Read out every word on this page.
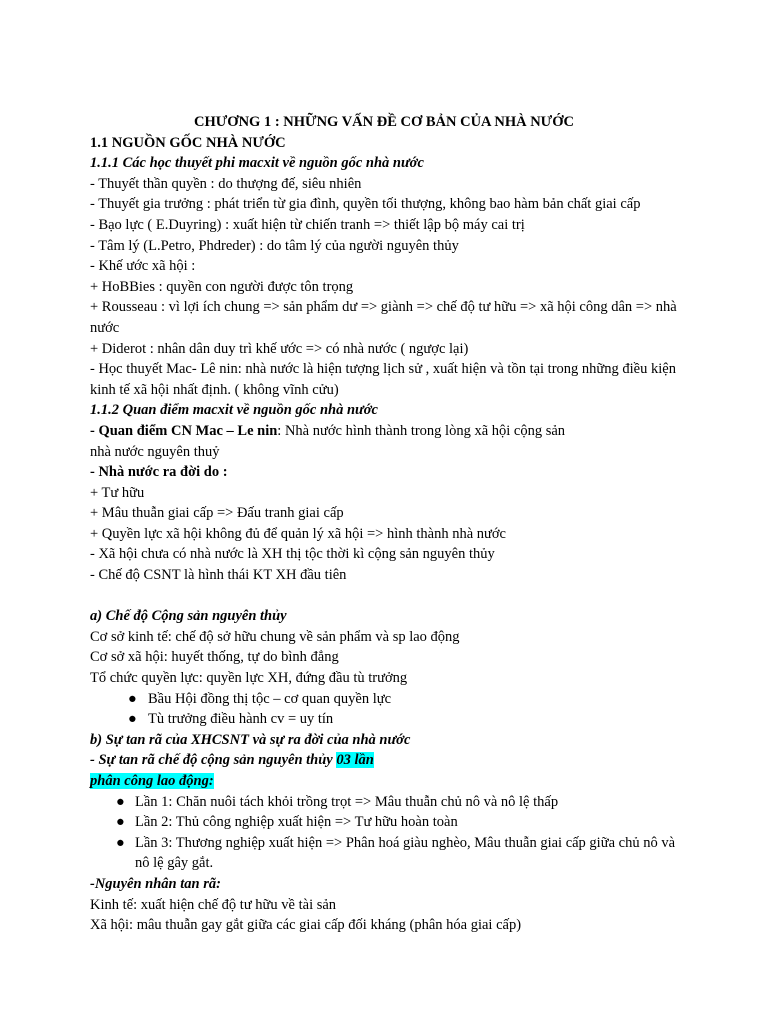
CHƯƠNG 1 : NHỮNG VẤN ĐỀ CƠ BẢN CỦA NHÀ NƯỚC
1.1 NGUỒN GỐC NHÀ NƯỚC
1.1.1 Các học thuyết phi macxit về nguồn gốc nhà nước
- Thuyết thần quyền : do thượng đế, siêu nhiên
- Thuyết gia trưởng : phát triển từ gia đình, quyền tối thượng, không bao hàm bản chất giai cấp
- Bạo lực ( E.Duyring) : xuất hiện từ chiến tranh => thiết lập bộ máy cai trị
- Tâm lý (L.Petro, Phdreder) : do tâm lý của người nguyên thủy
- Khế ước xã hội :
+ HoBBies : quyền con người được tôn trọng
+ Rousseau : vì lợi ích chung => sản phẩm dư => giành => chế độ tư hữu => xã hội công dân => nhà nước
+ Diderot : nhân dân duy trì khế ước => có nhà nước ( ngược lại)
- Học thuyết Mac- Lê nin: nhà nước là hiện tượng lịch sử , xuất hiện và tồn tại trong những điều kiện kinh tế xã hội nhất định. ( không vĩnh cửu)
1.1.2 Quan điểm macxit về nguồn gốc nhà nước
- Quan điểm CN Mac – Le nin: Nhà nước hình thành trong lòng xã hội cộng sản
nhà nước nguyên thuỷ
- Nhà nước ra đời do :
+ Tư hữu
+ Mâu thuẫn giai cấp => Đấu tranh giai cấp
+ Quyền lực xã hội không đủ để quản lý xã hội => hình thành nhà nước
- Xã hội chưa có nhà nước là XH thị tộc thời kì cộng sản nguyên thủy
- Chế độ CSNT là hình thái KT XH đầu tiên
a) Chế độ Cộng sản nguyên thủy
Cơ sở kinh tế: chế độ sở hữu chung về sản phẩm và sp lao động
Cơ sở xã hội: huyết thống, tự do bình đẳng
Tổ chức quyền lực: quyền lực XH, đứng đầu tù trưởng
● Bầu Hội đồng thị tộc – cơ quan quyền lực
● Tù trưởng điều hành cv = uy tín
b) Sự tan rã của XHCSNT và sự ra đời của nhà nước
- Sự tan rã chế độ cộng sản nguyên thủy 03 lần
phân công lao động:
● Lần 1: Chăn nuôi tách khỏi trồng trọt => Mâu thuẫn chủ nô và nô lệ thấp
● Lần 2: Thủ công nghiệp xuất hiện => Tư hữu hoàn toàn
● Lần 3: Thương nghiệp xuất hiện => Phân hoá giàu nghèo, Mâu thuẫn giai cấp giữa chủ nô và nô lệ gây gắt.
-Nguyên nhân tan rã:
Kinh tế: xuất hiện chế độ tư hữu về tài sản
Xã hội: mâu thuẫn gay gắt giữa các giai cấp đối kháng (phân hóa giai cấp)
